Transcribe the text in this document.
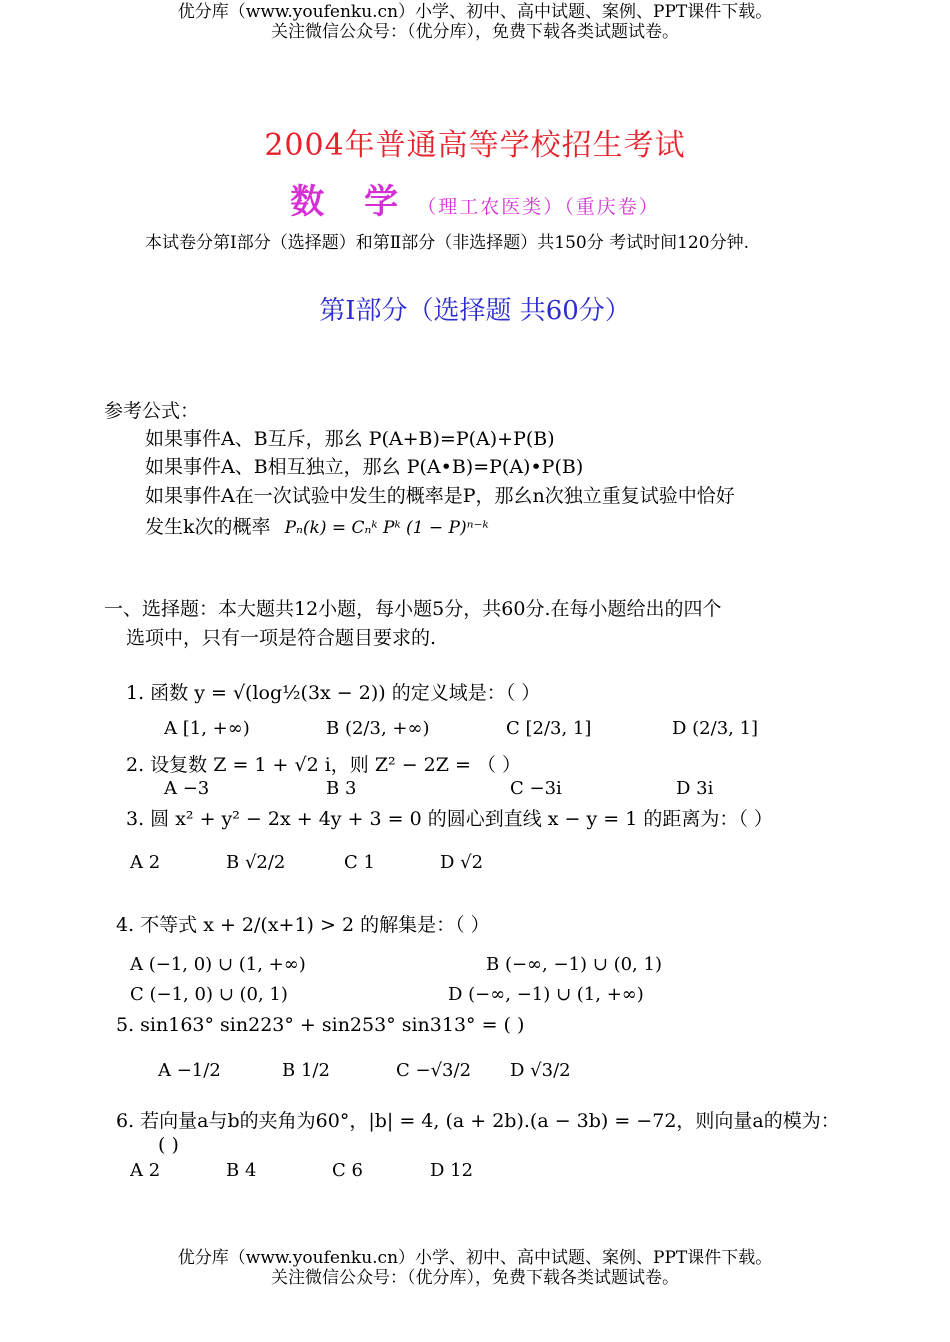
优分库（www.youfenku.cn）小学、初中、高中试题、案例、PPT课件下载。
关注微信公众号：（优分库），免费下载各类试题试卷。
2004年普通高等学校招生考试
数 学 （理工农医类）（重庆卷）
本试卷分第Ⅰ部分（选择题）和第Ⅱ部分（非选择题）共150分 考试时间120分钟.
第Ⅰ部分（选择题 共60分）
参考公式：
如果事件A、B互斥，那幺 P(A+B)=P(A)+P(B)
如果事件A、B相互独立，那幺 P(A•B)=P(A)•P(B)
如果事件A在一次试验中发生的概率是P，那幺n次独立重复试验中恰好
发生k次的概率 Pₙ(k) = Cₙᵏ Pᵏ (1 − P)ⁿ⁻ᵏ
一、选择题：本大题共12小题，每小题5分，共60分.在每小题给出的四个
选项中，只有一项是符合题目要求的.
1. 函数 y = √(log½(3x − 2)) 的定义域是：（ ）
A [1, +∞)	B (2/3, +∞)	C [2/3, 1]	D (2/3, 1]
2. 设复数 Z = 1 + √2 i，则 Z² − 2Z = （ ）
A −3	B 3	C −3i	D 3i
3. 圆 x² + y² − 2x + 4y + 3 = 0 的圆心到直线 x − y = 1 的距离为：（ ）
A 2	B √2/2	C 1	D √2
4. 不等式 x + 2/(x+1) > 2 的解集是：（ ）
A (−1, 0) ∪ (1, +∞)	B (−∞, −1) ∪ (0, 1)
C (−1, 0) ∪ (0, 1)	D (−∞, −1) ∪ (1, +∞)
5. sin163° sin223° + sin253° sin313° = ( )
A −1/2	B 1/2	C −√3/2 D √3/2
6. 若向量a与b的夹角为60°，|b| = 4, (a + 2b).(a − 3b) = −72，则向量a的模为：
( )
A 2	B 4	C 6	D 12
优分库（www.youfenku.cn）小学、初中、高中试题、案例、PPT课件下载。
关注微信公众号：（优分库），免费下载各类试题试卷。
